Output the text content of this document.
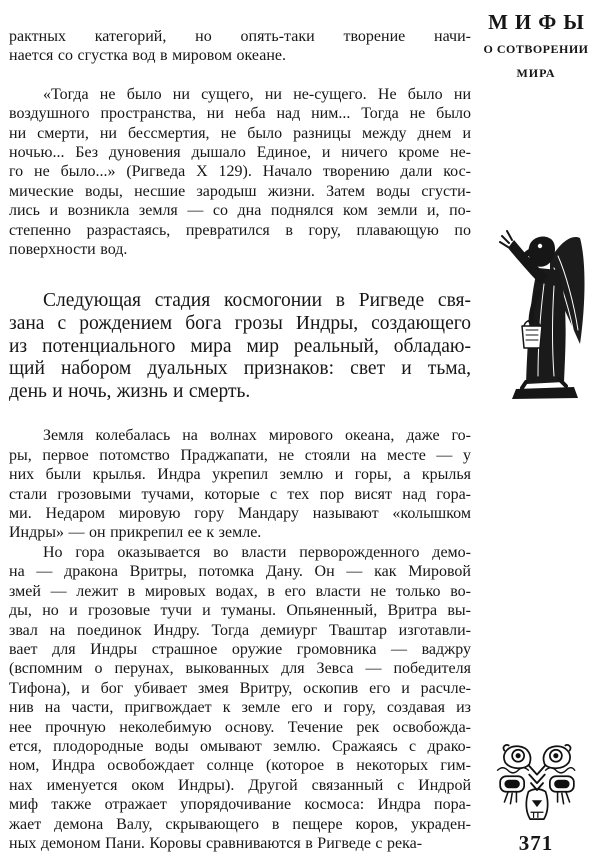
рактных категорий, но опять-таки творение начи-
нается со сгустка вод в мировом океане.
«Тогда не было ни сущего, ни не-сущего. Не было ни
воздушного пространства, ни неба над ним... Тогда не было
ни смерти, ни бессмертия, не было разницы между днем и
ночью... Без дуновения дышало Единое, и ничего кроме не-
го не было...» (Ригведа X 129). Начало творению дали кос-
мические воды, несшие зародыш жизни. Затем воды сгусти-
лись и возникла земля — со дна поднялся ком земли и, по-
степенно разрастаясь, превратился в гору, плавающую по
поверхности вод.
Следующая стадия космогонии в Ригведе свя-
зана с рождением бога грозы Индры, создающего
из потенциального мира мир реальный, обладаю-
щий набором дуальных признаков: свет и тьма,
день и ночь, жизнь и смерть.
Земля колебалась на волнах мирового океана, даже го-
ры, первое потомство Праджапати, не стояли на месте — у
них были крылья. Индра укрепил землю и горы, а крылья
стали грозовыми тучами, которые с тех пор висят над гора-
ми. Недаром мировую гору Мандару называют «колышком
Индры» — он прикрепил ее к земле.
Но гора оказывается во власти перворожденного демо-
на — дракона Вритры, потомка Дану. Он — как Мировой
змей — лежит в мировых водах, в его власти не только во-
ды, но и грозовые тучи и туманы. Опьяненный, Вритра вы-
звал на поединок Индру. Тогда демиург Тваштар изготавли-
вает для Индры страшное оружие громовника — ваджру
(вспомним о перунах, выкованных для Зевса — победителя
Тифона), и бог убивает змея Вритру, оскопив его и расчле-
нив на части, пригвождает к земле его и гору, создавая из
нее прочную неколебимую основу. Течение рек освобожда-
ется, плодородные воды омывают землю. Сражаясь с драко-
ном, Индра освобождает солнце (которое в некоторых гим-
нах именуется оком Индры). Другой связанный с Индрой
миф также отражает упорядочивание космоса: Индра пора-
жает демона Валу, скрывающего в пещере коров, украден-
ных демоном Пани. Коровы сравниваются в Ригведе с река-
МИФЫ
О СОТВОРЕНИИ
МИРА
371
